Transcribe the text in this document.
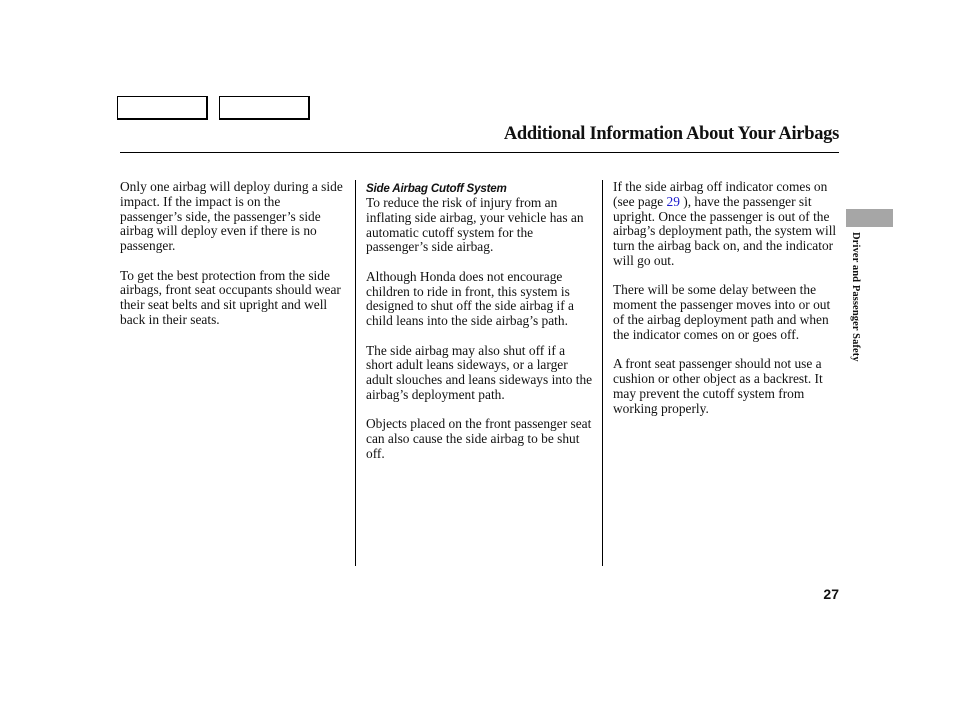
Additional Information About Your Airbags

Only one airbag will deploy during a side impact. If the impact is on the passenger’s side, the passenger’s side airbag will deploy even if there is no passenger.

To get the best protection from the side airbags, front seat occupants should wear their seat belts and sit upright and well back in their seats.

Side Airbag Cutoff System

To reduce the risk of injury from an inflating side airbag, your vehicle has an automatic cutoff system for the passenger’s side airbag.

Although Honda does not encourage children to ride in front, this system is designed to shut off the side airbag if a child leans into the side airbag’s path.

The side airbag may also shut off if a short adult leans sideways, or a larger adult slouches and leans sideways into the airbag’s deployment path.

Objects placed on the front passenger seat can also cause the side airbag to be shut off.

If the side airbag off indicator comes on (see page 29 ), have the passenger sit upright. Once the passenger is out of the airbag’s deployment path, the system will turn the airbag back on, and the indicator will go out.

There will be some delay between the moment the passenger moves into or out of the airbag deployment path and when the indicator comes on or goes off.

A front seat passenger should not use a cushion or other object as a backrest. It may prevent the cutoff system from working properly.

Driver and Passenger Safety
27
